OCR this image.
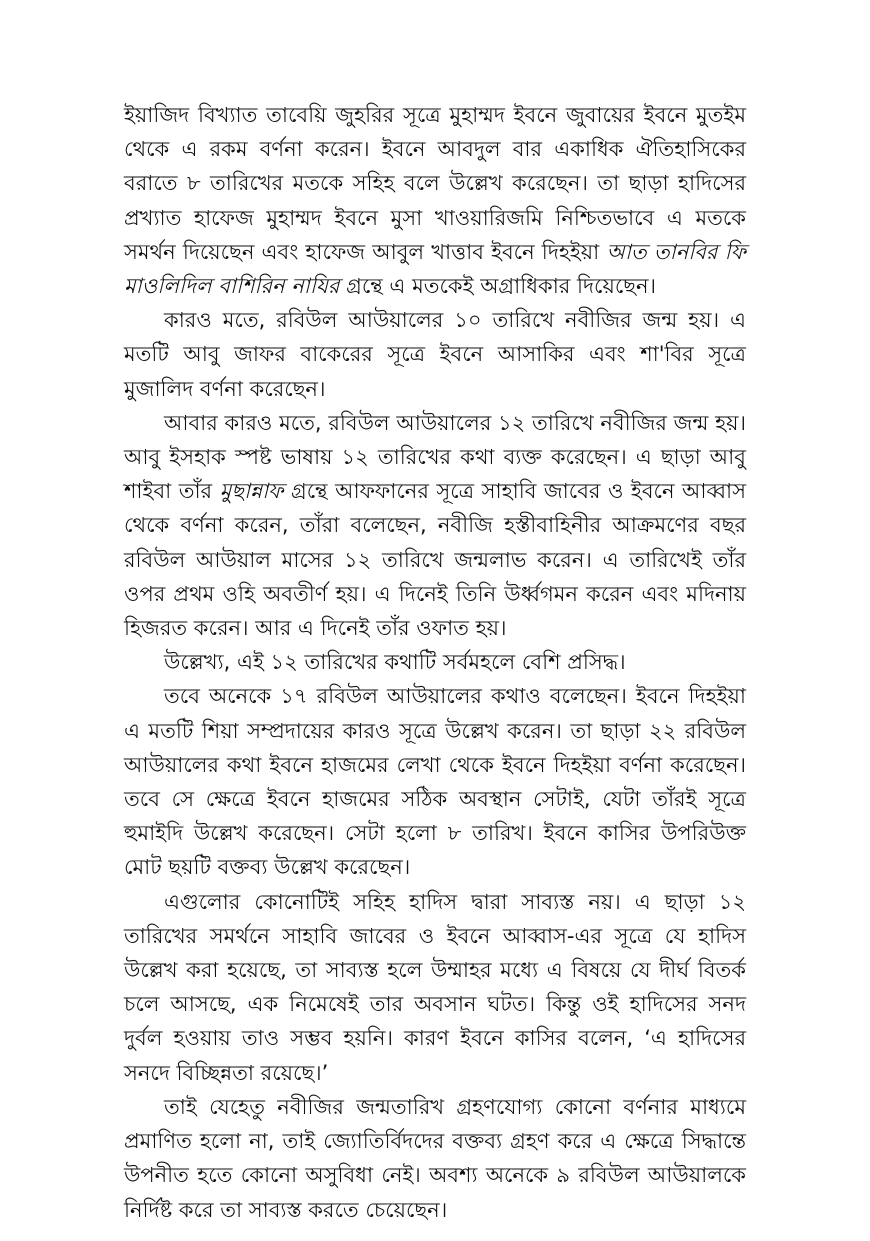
ইয়াজিদ বিখ্যাত তাবেয়ি জুহরির সূত্রে মুহাম্মদ ইবনে জুবায়ের ইবনে মুতইম থেকে এ রকম বর্ণনা করেন। ইবনে আবদুল বার একাধিক ঐতিহাসিকের বরাতে ৮ তারিখের মতকে সহিহ বলে উল্লেখ করেছেন। তা ছাড়া হাদিসের প্রখ্যাত হাফেজ মুহাম্মদ ইবনে মুসা খাওয়ারিজমি নিশ্চিতভাবে এ মতকে সমর্থন দিয়েছেন এবং হাফেজ আবুল খাত্তাব ইবনে দিহইয়া আত তানবির ফি মাওলিদিল বাশিরিন নাযির গ্রন্থে এ মতকেই অগ্রাধিকার দিয়েছেন।

কারও মতে, রবিউল আউয়ালের ১০ তারিখে নবীজির জন্ম হয়। এ মতটি আবু জাফর বাকেরের সূত্রে ইবনে আসাকির এবং শা'বির সূত্রে মুজালিদ বর্ণনা করেছেন।

আবার কারও মতে, রবিউল আউয়ালের ১২ তারিখে নবীজির জন্ম হয়। আবু ইসহাক স্পষ্ট ভাষায় ১২ তারিখের কথা ব্যক্ত করেছেন। এ ছাড়া আবু শাইবা তাঁর মুছান্নাফ গ্রন্থে আফফানের সূত্রে সাহাবি জাবের ও ইবনে আব্বাস থেকে বর্ণনা করেন, তাঁরা বলেছেন, নবীজি হস্তীবাহিনীর আক্রমণের বছর রবিউল আউয়াল মাসের ১২ তারিখে জন্মলাভ করেন। এ তারিখেই তাঁর ওপর প্রথম ওহি অবতীর্ণ হয়। এ দিনেই তিনি উর্ধ্বগমন করেন এবং মদিনায় হিজরত করেন। আর এ দিনেই তাঁর ওফাত হয়।

উল্লেখ্য, এই ১২ তারিখের কথাটি সর্বমহলে বেশি প্রসিদ্ধ।

তবে অনেকে ১৭ রবিউল আউয়ালের কথাও বলেছেন। ইবনে দিহইয়া এ মতটি শিয়া সম্প্রদায়ের কারও সূত্রে উল্লেখ করেন। তা ছাড়া ২২ রবিউল আউয়ালের কথা ইবনে হাজমের লেখা থেকে ইবনে দিহইয়া বর্ণনা করেছেন। তবে সে ক্ষেত্রে ইবনে হাজমের সঠিক অবস্থান সেটাই, যেটা তাঁরই সূত্রে হুমাইদি উল্লেখ করেছেন। সেটা হলো ৮ তারিখ। ইবনে কাসির উপরিউক্ত মোট ছয়টি বক্তব্য উল্লেখ করেছেন।

এগুলোর কোনোটিই সহিহ হাদিস দ্বারা সাব্যস্ত নয়। এ ছাড়া ১২ তারিখের সমর্থনে সাহাবি জাবের ও ইবনে আব্বাস-এর সূত্রে যে হাদিস উল্লেখ করা হয়েছে, তা সাব্যস্ত হলে উম্মাহর মধ্যে এ বিষয়ে যে দীর্ঘ বিতর্ক চলে আসছে, এক নিমেষেই তার অবসান ঘটত। কিন্তু ওই হাদিসের সনদ দুর্বল হওয়ায় তাও সম্ভব হয়নি। কারণ ইবনে কাসির বলেন, ‘এ হাদিসের সনদে বিচ্ছিন্নতা রয়েছে।’

তাই যেহেতু নবীজির জন্মতারিখ গ্রহণযোগ্য কোনো বর্ণনার মাধ্যমে প্রমাণিত হলো না, তাই জ্যোতির্বিদদের বক্তব্য গ্রহণ করে এ ক্ষেত্রে সিদ্ধান্তে উপনীত হতে কোনো অসুবিধা নেই। অবশ্য অনেকে ৯ রবিউল আউয়ালকে নির্দিষ্ট করে তা সাব্যস্ত করতে চেয়েছেন।
